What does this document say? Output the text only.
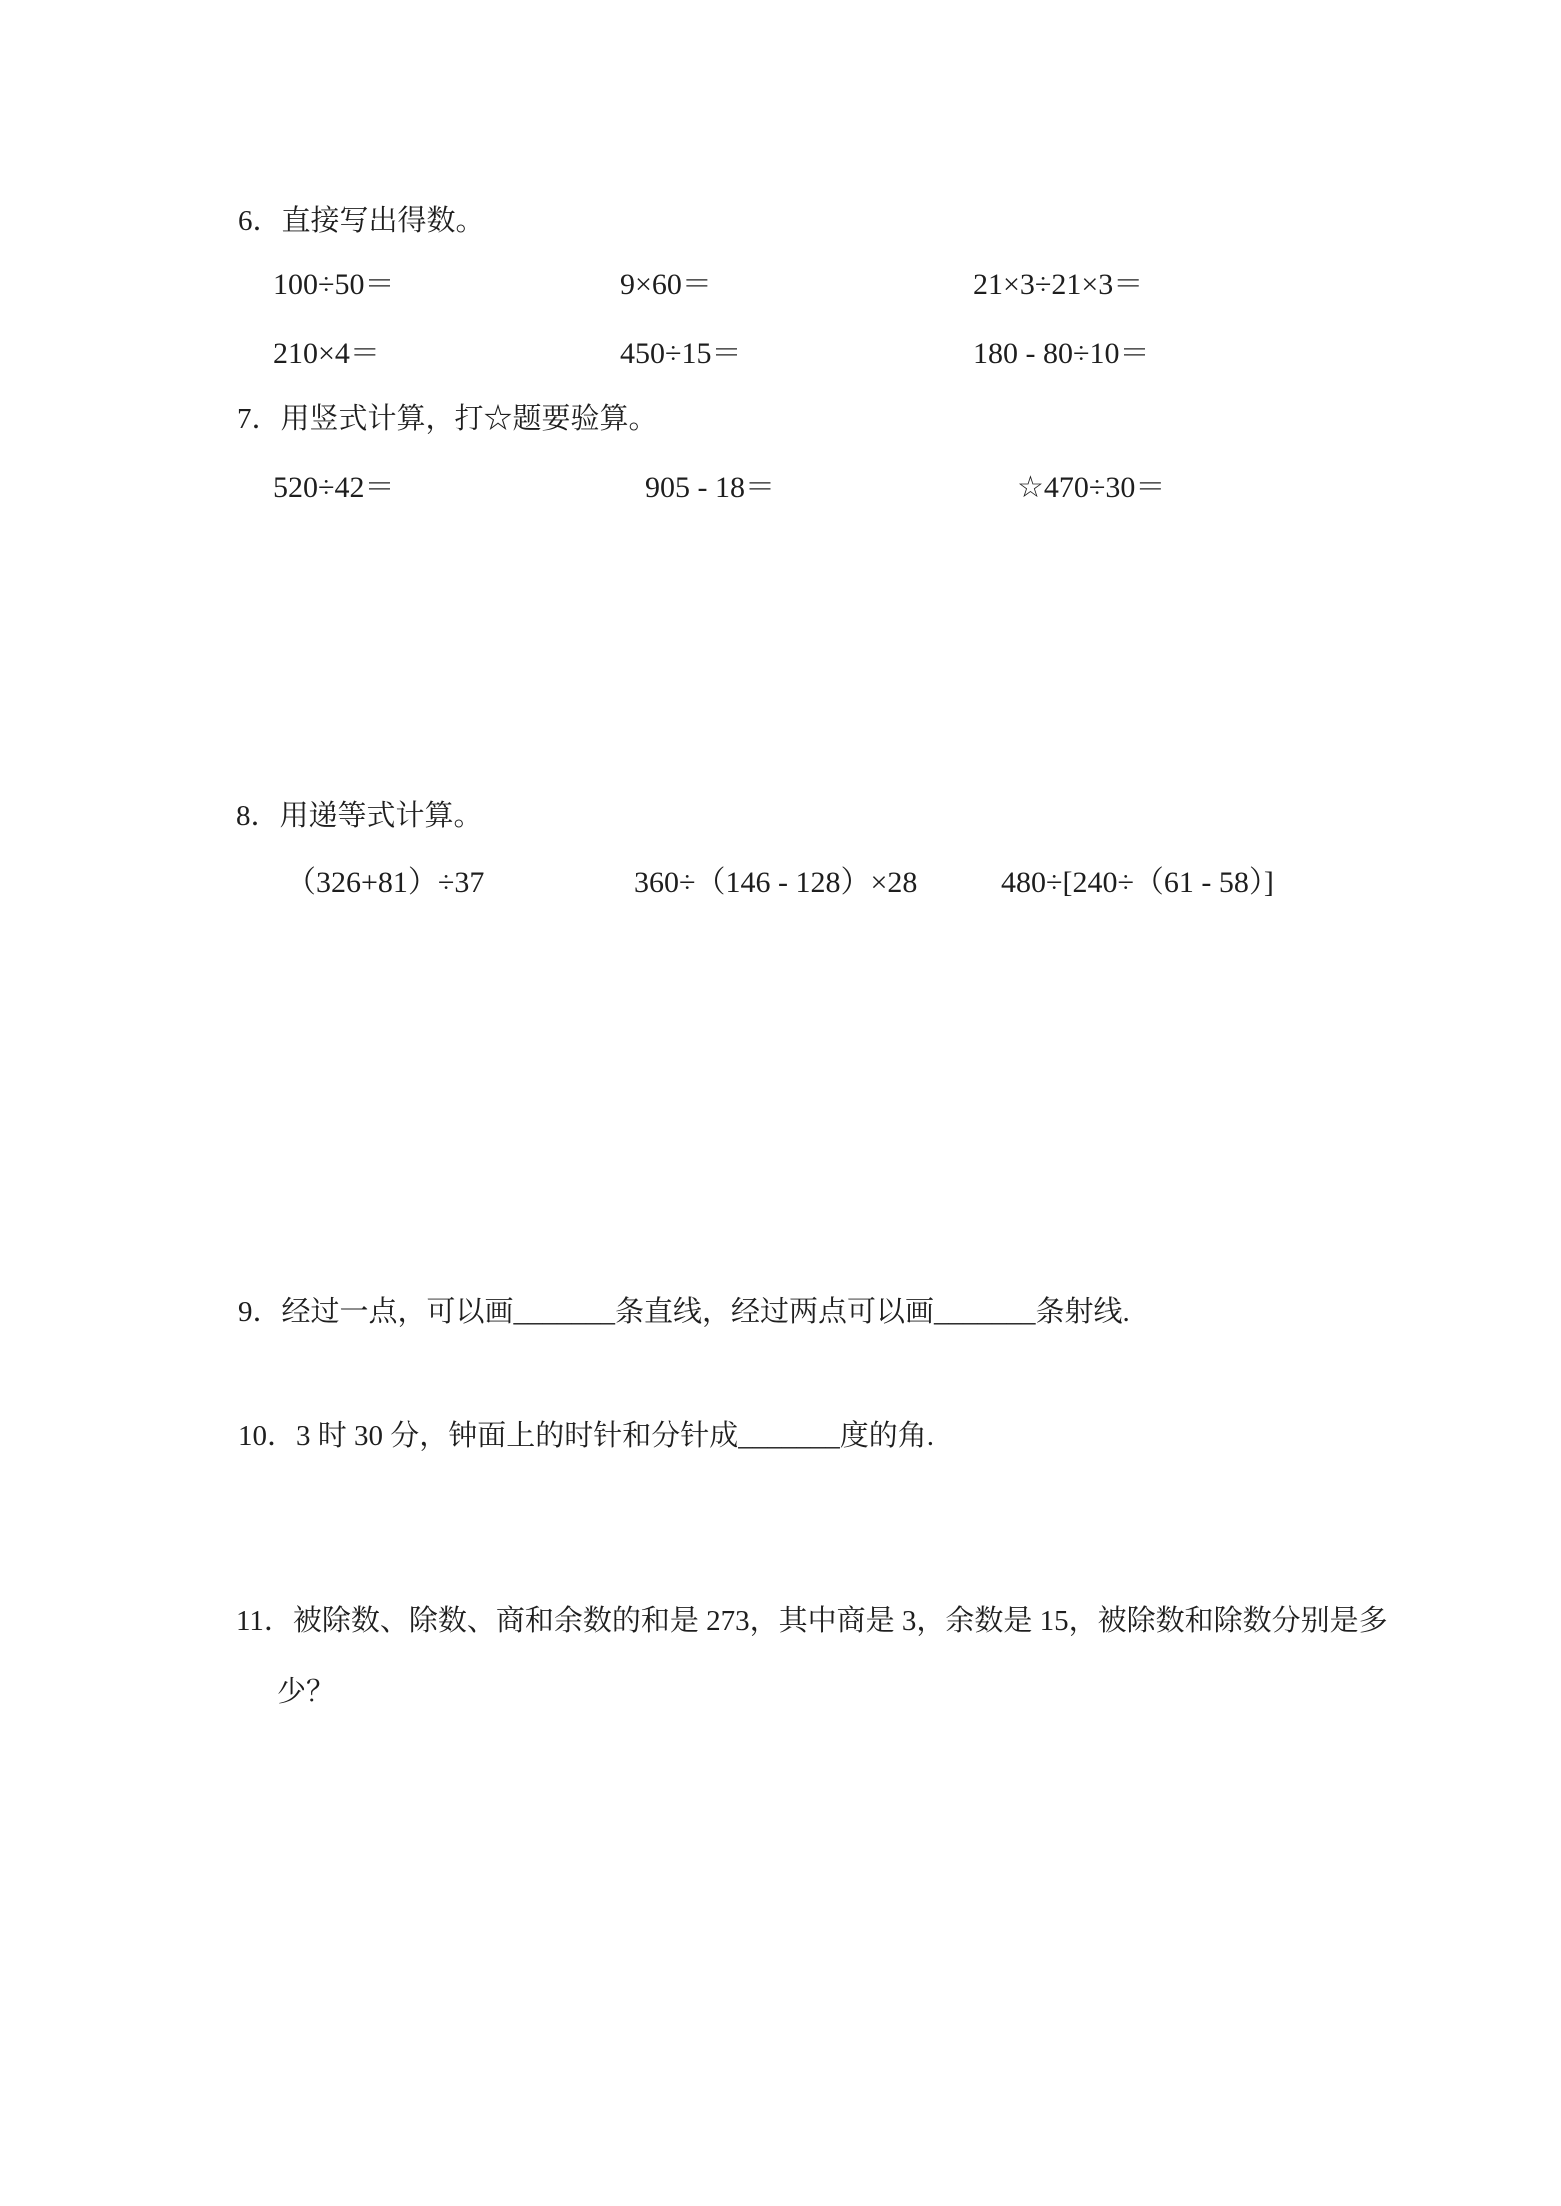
6．直接写出得数。
100÷50＝	9×60＝	21×3÷21×3＝
210×4＝	450÷15＝	180 - 80÷10＝
7．用竖式计算，打☆题要验算。
520÷42＝	905 - 18＝	☆470÷30＝
8．用递等式计算。
（326+81）÷37	360÷（146 - 128）×28	480÷[240÷（61 - 58）]
9．经过一点，可以画_______条直线，经过两点可以画_______条射线.
10．3 时 30 分，钟面上的时针和分针成_______度的角.
11．被除数、除数、商和余数的和是 273，其中商是 3，余数是 15，被除数和除数分别是多
少？
